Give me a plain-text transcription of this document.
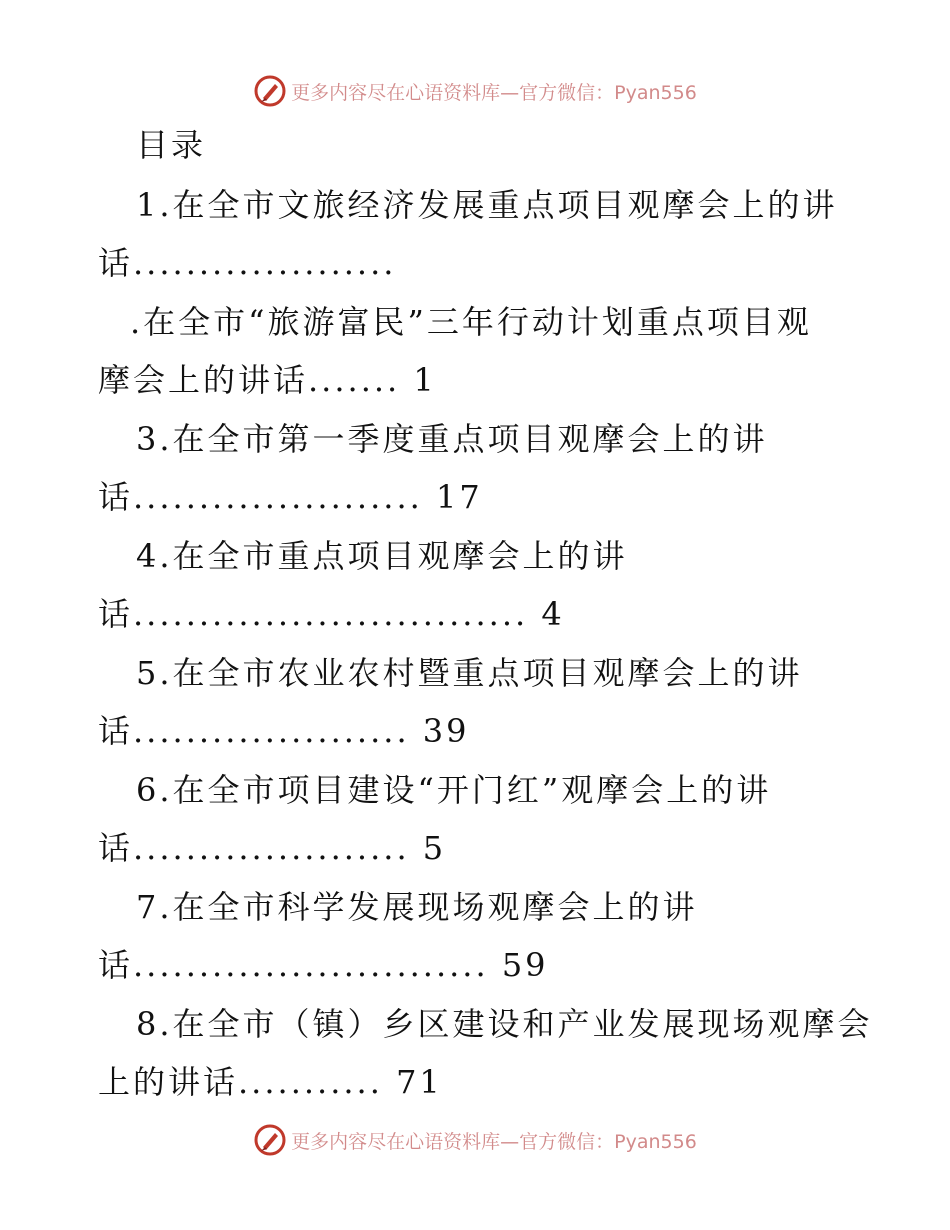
更多内容尽在心语资料库—官方微信：Pyan556
目录
1.在全市文旅经济发展重点项目观摩会上的讲
话....................
.在全市“旅游富民”三年行动计划重点项目观
摩会上的讲话....... 1
3.在全市第一季度重点项目观摩会上的讲
话...................... 17
4.在全市重点项目观摩会上的讲
话.............................. 4
5.在全市农业农村暨重点项目观摩会上的讲
话..................... 39
6.在全市项目建设“开门红”观摩会上的讲
话..................... 5
7.在全市科学发展现场观摩会上的讲
话........................... 59
8.在全市（镇）乡区建设和产业发展现场观摩会
上的讲话........... 71
更多内容尽在心语资料库—官方微信：Pyan556
